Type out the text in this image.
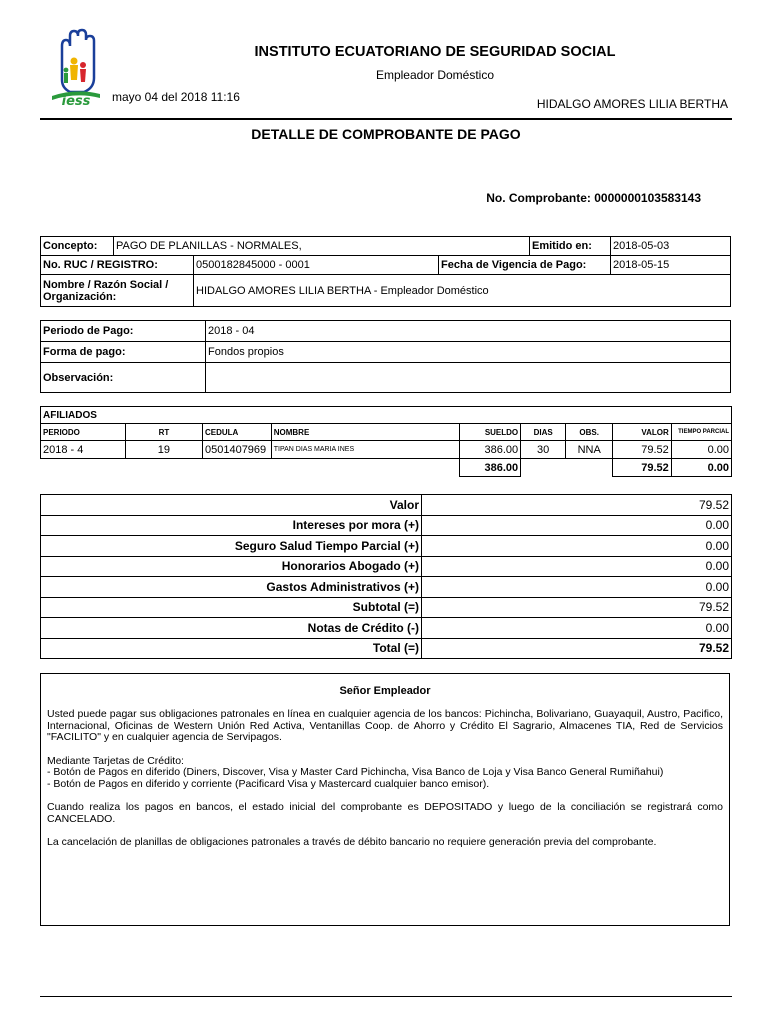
iess
INSTITUTO ECUATORIANO DE SEGURIDAD SOCIAL
Empleador Doméstico
mayo 04 del 2018 11:16	HIDALGO AMORES LILIA BERTHA
DETALLE DE COMPROBANTE DE PAGO
No. Comprobante: 0000000103583143
Concepto:	PAGO DE PLANILLAS - NORMALES,			Emitido en:	2018-05-03
No. RUC / REGISTRO:		0500182845000 - 0001	Fecha de Vigencia de Pago:		2018-05-15
Nombre / Razón Social /
Organización:		HIDALGO AMORES LILIA BERTHA - Empleador Doméstico			
Periodo de Pago:	2018 - 04
Forma de pago:	Fondos propios
Observación:	
AFILIADOS								
PERIODO	RT	CEDULA	NOMBRE	SUELDO	DIAS	OBS.	VALOR	TIEMPO PARCIAL
2018 - 4	19	0501407969	TIPAN DIAS MARIA INES	386.00	30	NNA	79.52	0.00
				386.00			79.52	0.00
Valor	79.52
Intereses por mora (+)	0.00
Seguro Salud Tiempo Parcial (+)	0.00
Honorarios Abogado (+)	0.00
Gastos Administrativos (+)	0.00
Subtotal (=)	79.52
Notas de Crédito (-)	0.00
Total (=)	79.52
Señor Empleador

Usted puede pagar sus obligaciones patronales en línea en cualquier agencia de los bancos: Pichincha, Bolivariano, Guayaquil, Austro, Pacifico, Internacional, Oficinas de Western Unión Red Activa, Ventanillas Coop. de Ahorro y Crédito El Sagrario, Almacenes TIA, Red de Servicios "FACILITO" y en cualquier agencia de Servipagos.

Mediante Tarjetas de Crédito:

- Botón de Pagos en diferido (Diners, Discover, Visa y Master Card Pichincha, Visa Banco de Loja y Visa Banco General Rumiñahui)

- Botón de Pagos en diferido y corriente (Pacificard Visa y Mastercard cualquier banco emisor).

Cuando realiza los pagos en bancos, el estado inicial del comprobante es DEPOSITADO y luego de la conciliación se registrará como CANCELADO.

La cancelación de planillas de obligaciones patronales a través de débito bancario no requiere generación previa del comprobante.
